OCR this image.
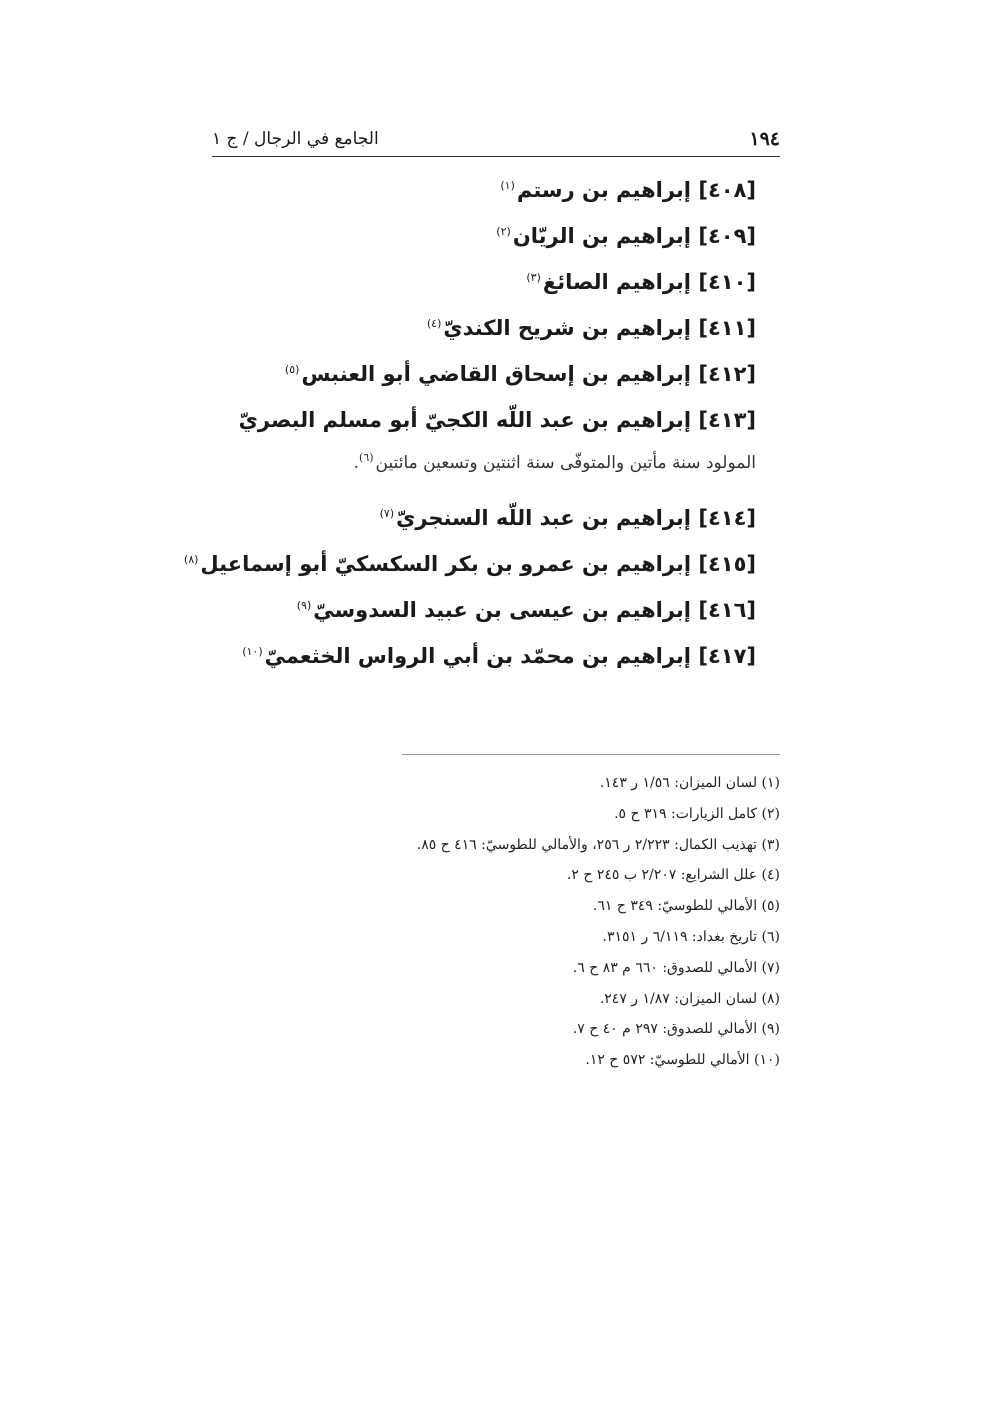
الجامع في الرجال / ج ١	١٩٤
[٤٠٨] إبراهيم بن رستم$^{(١)}$
[٤٠٩] إبراهيم بن الريّان$^{(٢)}$
[٤١٠] إبراهيم الصائغ$^{(٣)}$
[٤١١] إبراهيم بن شريح الكنديّ$^{(٤)}$
[٤١٢] إبراهيم بن إسحاق القاضي أبو العنبس$^{(٥)}$
[٤١٣] إبراهيم بن عبد اللّه الكجيّ أبو مسلم البصريّ
المولود سنة مأتين والمتوفّى سنة اثنتين وتسعين مائتين$^{(٦)}$.
[٤١٤] إبراهيم بن عبد اللّه السنجريّ$^{(٧)}$
[٤١٥] إبراهيم بن عمرو بن بكر السكسكيّ أبو إسماعيل$^{(٨)}$
[٤١٦] إبراهيم بن عيسى بن عبيد السدوسيّ$^{(٩)}$
[٤١٧] إبراهيم بن محمّد بن أبي الرواس الخثعميّ$^{(١٠)}$
(١) لسان الميزان: ١/٥٦ ر ١٤٣.
(٢) كامل الزيارات: ٣١٩ ح ٥.
(٣) تهذيب الكمال: ٢/٢٢٣ ر ٢٥٦، والأمالي للطوسيّ: ٤١٦ ح ٨٥.
(٤) علل الشرايع: ٢/٢٠٧ ب ٢٤٥ ح ٢.
(٥) الأمالي للطوسيّ: ٣٤٩ ح ٦١.
(٦) تاريخ بغداد: ٦/١١٩ ر ٣١٥١.
(٧) الأمالي للصدوق: ٦٦٠ م ٨٣ ح ٦.
(٨) لسان الميزان: ١/٨٧ ر ٢٤٧.
(٩) الأمالي للصدوق: ٢٩٧ م ٤٠ ح ٧.
(١٠) الأمالي للطوسيّ: ٥٧٢ ح ١٢.
